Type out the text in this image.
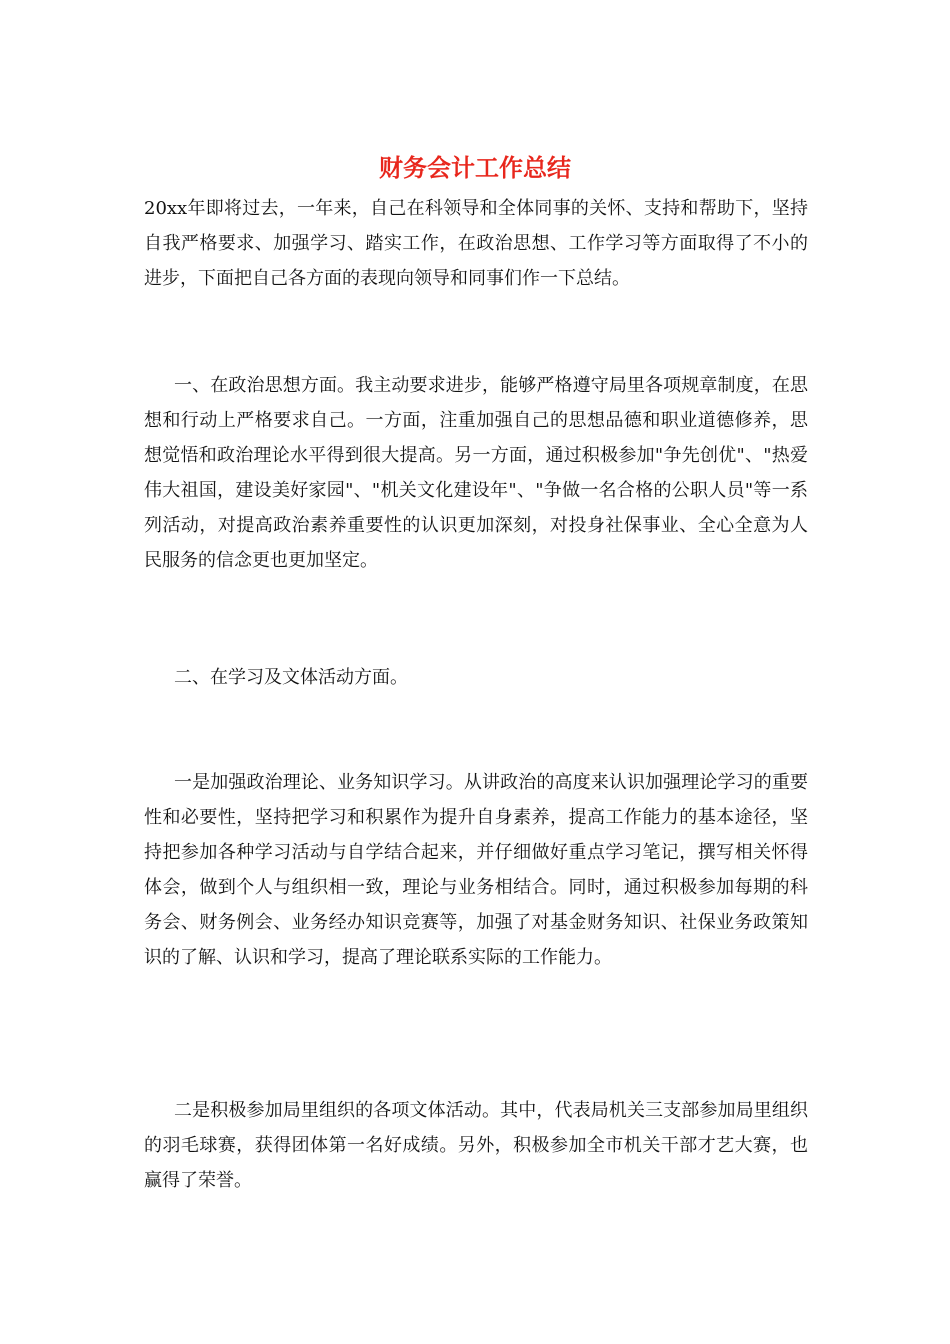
财务会计工作总结

20xx年即将过去，一年来，自己在科领导和全体同事的关怀、支持和帮助下，坚持自我严格要求、加强学习、踏实工作，在政治思想、工作学习等方面取得了不小的进步，下面把自己各方面的表现向领导和同事们作一下总结。

一、在政治思想方面。我主动要求进步，能够严格遵守局里各项规章制度，在思想和行动上严格要求自己。一方面，注重加强自己的思想品德和职业道德修养，思想觉悟和政治理论水平得到很大提高。另一方面，通过积极参加"争先创优"、"热爱伟大祖国，建设美好家园"、"机关文化建设年"、"争做一名合格的公职人员"等一系列活动，对提高政治素养重要性的认识更加深刻，对投身社保事业、全心全意为人民服务的信念更也更加坚定。

二、在学习及文体活动方面。

一是加强政治理论、业务知识学习。从讲政治的高度来认识加强理论学习的重要性和必要性，坚持把学习和积累作为提升自身素养，提高工作能力的基本途径，坚持把参加各种学习活动与自学结合起来，并仔细做好重点学习笔记，撰写相关怀得体会，做到个人与组织相一致，理论与业务相结合。同时，通过积极参加每期的科务会、财务例会、业务经办知识竞赛等，加强了对基金财务知识、社保业务政策知识的了解、认识和学习，提高了理论联系实际的工作能力。

二是积极参加局里组织的各项文体活动。其中，代表局机关三支部参加局里组织的羽毛球赛，获得团体第一名好成绩。另外，积极参加全市机关干部才艺大赛，也赢得了荣誉。
